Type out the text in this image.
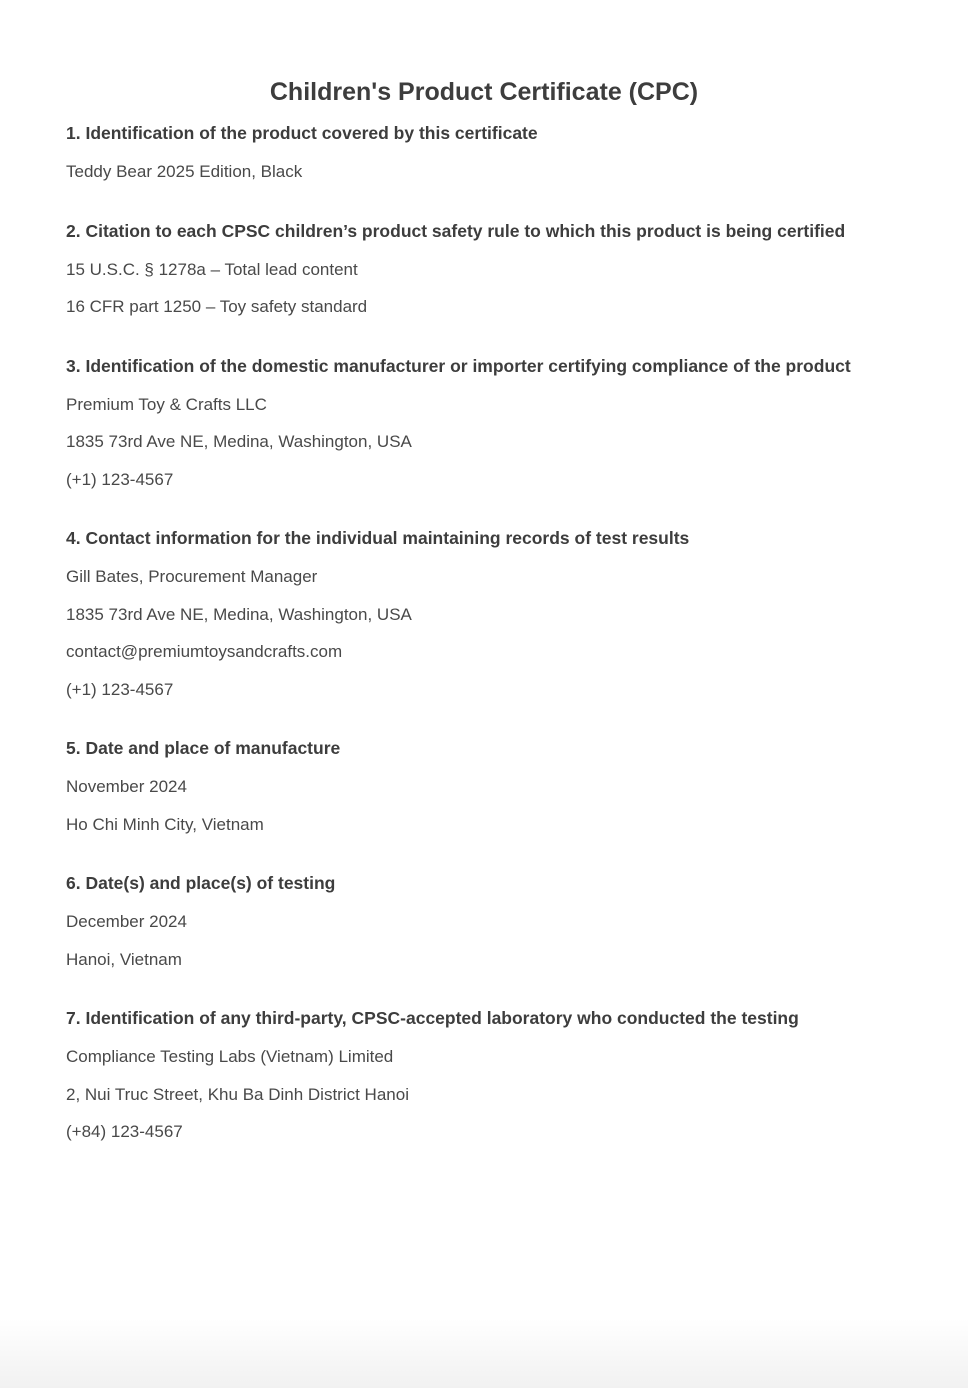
Children's Product Certificate (CPC)
1. Identification of the product covered by this certificate

Teddy Bear 2025 Edition, Black

2. Citation to each CPSC children’s product safety rule to which this product is being certified

15 U.S.C. § 1278a – Total lead content

16 CFR part 1250 – Toy safety standard

3. Identification of the domestic manufacturer or importer certifying compliance of the product

Premium Toy & Crafts LLC

1835 73rd Ave NE, Medina, Washington, USA

(+1) 123-4567

4. Contact information for the individual maintaining records of test results

Gill Bates, Procurement Manager

1835 73rd Ave NE, Medina, Washington, USA

contact@premiumtoysandcrafts.com

(+1) 123-4567

5. Date and place of manufacture

November 2024

Ho Chi Minh City, Vietnam

6. Date(s) and place(s) of testing

December 2024

Hanoi, Vietnam

7. Identification of any third-party, CPSC-accepted laboratory who conducted the testing

Compliance Testing Labs (Vietnam) Limited

2, Nui Truc Street, Khu Ba Dinh District Hanoi

(+84) 123-4567
